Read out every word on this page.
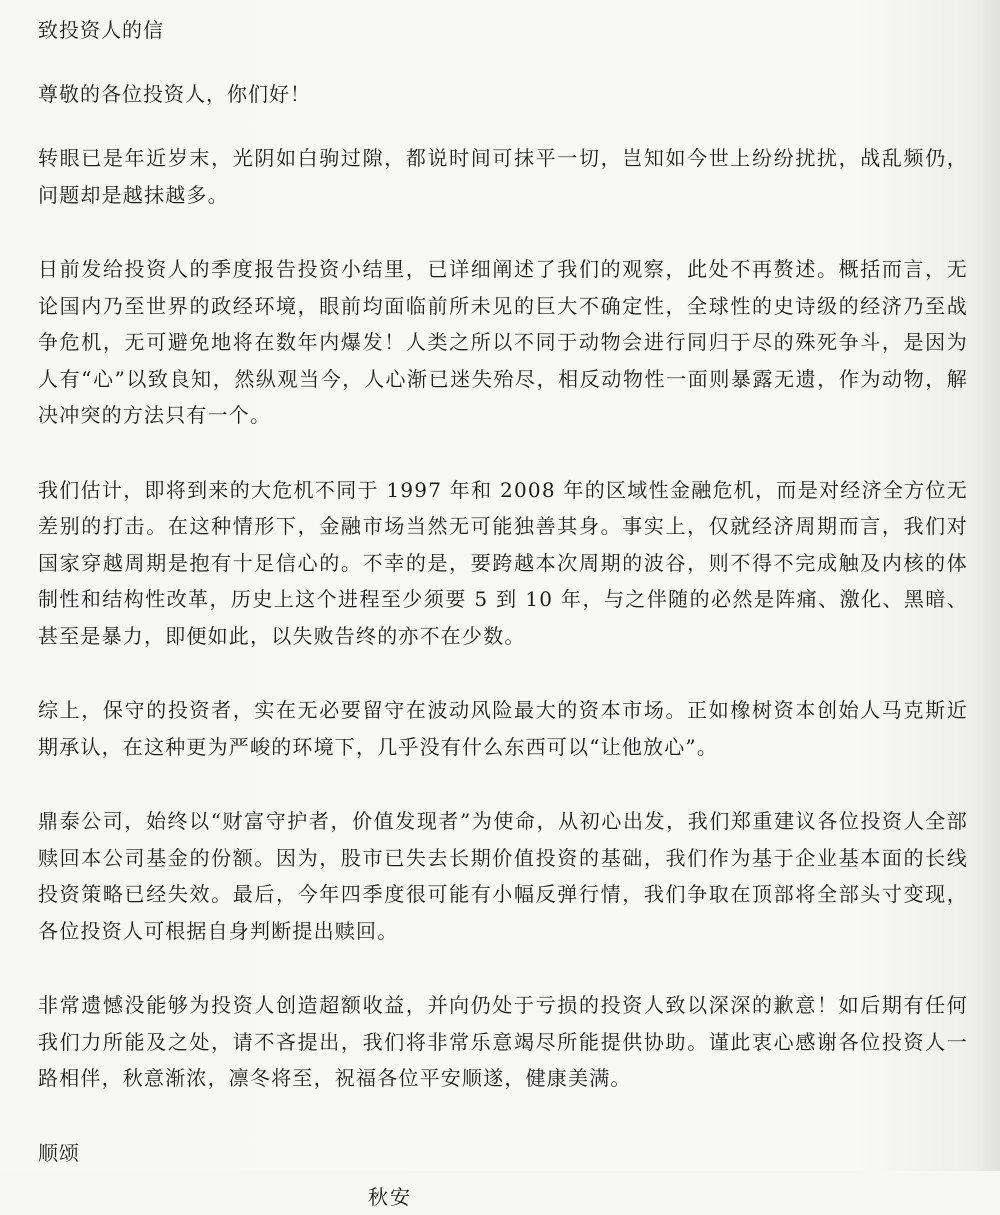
致投资人的信

尊敬的各位投资人，你们好！

转眼已是年近岁末，光阴如白驹过隙，都说时间可抹平一切，岂知如今世上纷纷扰扰，战乱频仍，问题却是越抹越多。

日前发给投资人的季度报告投资小结里，已详细阐述了我们的观察，此处不再赘述。概括而言，无论国内乃至世界的政经环境，眼前均面临前所未见的巨大不确定性，全球性的史诗级的经济乃至战争危机，无可避免地将在数年内爆发！人类之所以不同于动物会进行同归于尽的殊死争斗，是因为人有“心”以致良知，然纵观当今，人心渐已迷失殆尽，相反动物性一面则暴露无遗，作为动物，解决冲突的方法只有一个。

我们估计，即将到来的大危机不同于 1997 年和 2008 年的区域性金融危机，而是对经济全方位无差别的打击。在这种情形下，金融市场当然无可能独善其身。事实上，仅就经济周期而言，我们对国家穿越周期是抱有十足信心的。不幸的是，要跨越本次周期的波谷，则不得不完成触及内核的体制性和结构性改革，历史上这个进程至少须要 5 到 10 年，与之伴随的必然是阵痛、激化、黑暗、甚至是暴力，即便如此，以失败告终的亦不在少数。

综上，保守的投资者，实在无必要留守在波动风险最大的资本市场。正如橡树资本创始人马克斯近期承认，在这种更为严峻的环境下，几乎没有什么东西可以“让他放心”。

鼎泰公司，始终以“财富守护者，价值发现者”为使命，从初心出发，我们郑重建议各位投资人全部赎回本公司基金的份额。因为，股市已失去长期价值投资的基础，我们作为基于企业基本面的长线投资策略已经失效。最后，今年四季度很可能有小幅反弹行情，我们争取在顶部将全部头寸变现，各位投资人可根据自身判断提出赎回。

非常遗憾没能够为投资人创造超额收益，并向仍处于亏损的投资人致以深深的歉意！如后期有任何我们力所能及之处，请不吝提出，我们将非常乐意竭尽所能提供协助。谨此衷心感谢各位投资人一路相伴，秋意渐浓，凛冬将至，祝福各位平安顺遂，健康美满。

顺颂

秋安
